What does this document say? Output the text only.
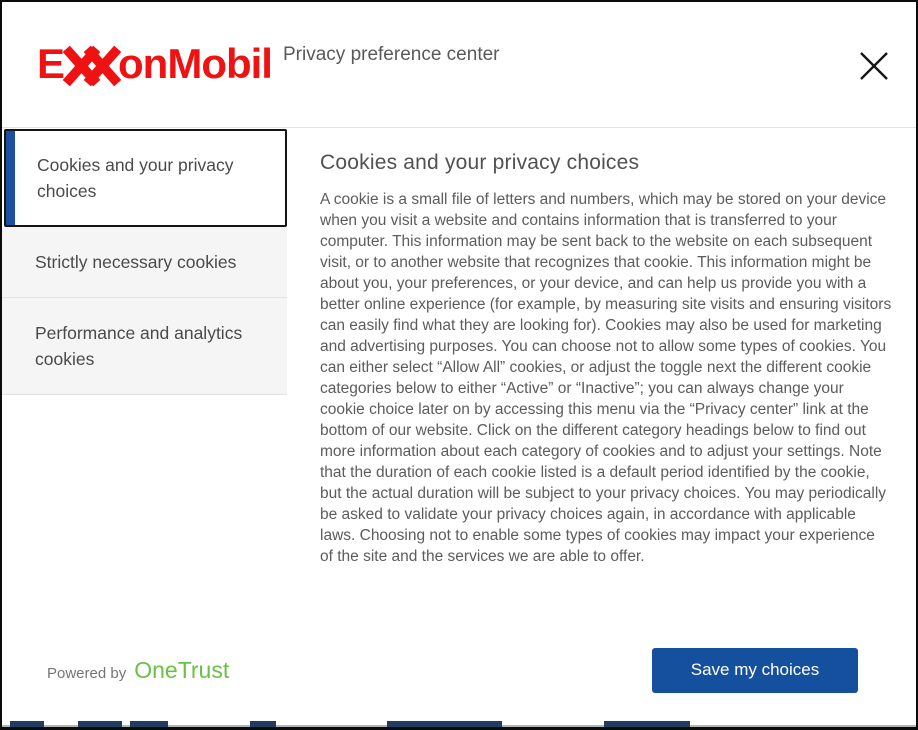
E onMobil Privacy preference center
Cookies and your privacy choices
Strictly necessary cookies
Performance and analytics cookies
Cookies and your privacy choices

A cookie is a small file of letters and numbers, which may be stored on your device when you visit a website and contains information that is transferred to your computer. This information may be sent back to the website on each subsequent visit, or to another website that recognizes that cookie. This information might be about you, your preferences, or your device, and can help us provide you with a better online experience (for example, by measuring site visits and ensuring visitors can easily find what they are looking for). Cookies may also be used for marketing and advertising purposes. You can choose not to allow some types of cookies. You can either select “Allow All” cookies, or adjust the toggle next the different cookie categories below to either “Active” or “Inactive”; you can always change your cookie choice later on by accessing this menu via the “Privacy center” link at the bottom of our website. Click on the different category headings below to find out more information about each category of cookies and to adjust your settings. Note that the duration of each cookie listed is a default period identified by the cookie, but the actual duration will be subject to your privacy choices. You may periodically be asked to validate your privacy choices again, in accordance with applicable laws. Choosing not to enable some types of cookies may impact your experience of the site and the services we are able to offer.

Powered by OneTrust	Save my choices
